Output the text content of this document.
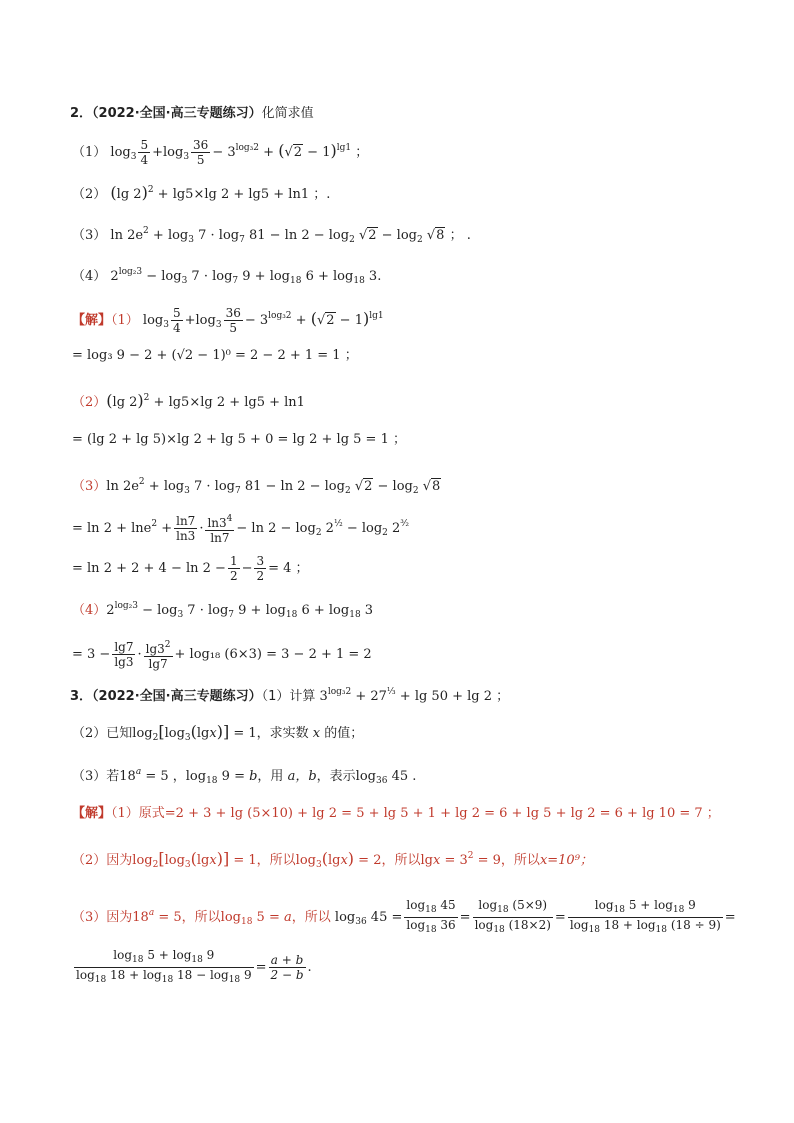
2．（2022·全国·高三专题练习）化简求值
（1） $\log_3 \frac{5}{4} +\log_3 \frac{36}{5} - 3^{log_32} + (√2 - 1)^{lg1}$ ；
（2） (lg 2)$^2$ + lg5×lg 2 + lg5 + ln1 ；.
（3） $\ln 2e^2 + \log_3 7 \cdot \log_7 81 - \ln 2 - \log_2 √2 - \log_2 √8$ ； .
（4） $2^{log_23} - \log_3 7 \cdot \log_7 9 + \log_{18} 6 + \log_{18} 3$.
【解】（1） $\log_3 \frac{5}{4} +\log_3 \frac{36}{5} - 3^{log_32} + (√2 - 1)^{lg1}$
= log₃ 9 − 2 + (√2 − 1)⁰ = 2 − 2 + 1 = 1 ；
（2）(lg 2)$^2$ + lg5×lg 2 + lg5 + ln1
= (lg 2 + lg 5)×lg 2 + lg 5 + 0 = lg 2 + lg 5 = 1 ；
（3）ln $2e^2 + \log_3 7 \cdot \log_7 81 - \ln 2 - \log_2 √2 - \log_2 √8$
= $\ln 2 + \ln e^2 + \frac{\ln 7}{\ln 3} \cdot \frac{\ln 3^4}{\ln 7} - \ln 2 - \log_2 2^{\frac{1}{2}} - \log_2 2^{^3⁄_2}$
= $\ln 2 + 2 + 4 - \ln 2 - \frac{1}{2} - \frac{3}{2} = 4$ ；
$(4)2^{log_23} - \log_3 7 \cdot \log_7 9 + \log_{18} 6 + \log_{18} 3$
= $3 - \frac{\lg 7}{\lg 3} \cdot \frac{\lg 3^2}{\lg 7} + \log_{18}$ (6×3) = 3 − 2 + 1 = 2
3．（2022·全国·高三专题练习）（1）计算 $3^{log_32} + 27^{\frac{1}{3}} + \lg 50 + \lg 2$ ；
（2）已知$\log_2[\log_3(\lg x)] = 1$，求实数 x 的值；
（3）若$18^a = 5$ ，$\log_{18} 9 = b$，用 a，b，表示$\log_{36} 45$ .
【解】（1）原式=2 + 3 + lg (5×10) + lg 2 = 5 + lg 5 + 1 + lg 2 = 6 + lg 5 + lg 2 = 6 + lg 10 = 7 ；
（2）因为$\log_2[\log_3(\lg x)] = 1$，所以$\log_3(\lg x) = 2$，所以$\lg x = 3^2 = 9$，所以x=10⁹；
（3）因为$18^a = 5$，所以$\log_{18} 5 = a$，所以 $\log_{36} 45 = \frac{\log_{18} 45}{\log_{18} 36} = \frac{\log_{18} (5\times 9)}{\log_{18} (18\times 2)} = \frac{\log_{18} 5 + \log_{18} 9}{\log_{18} 18 + \log_{18} (18 \div 9)}$ =
$\frac{\log_{18} 5 + \log_{18} 9}{\log_{18} 18 + \log_{18} 18 - \log_{18} 9} = \frac{a + b}{2 - b}$ .
